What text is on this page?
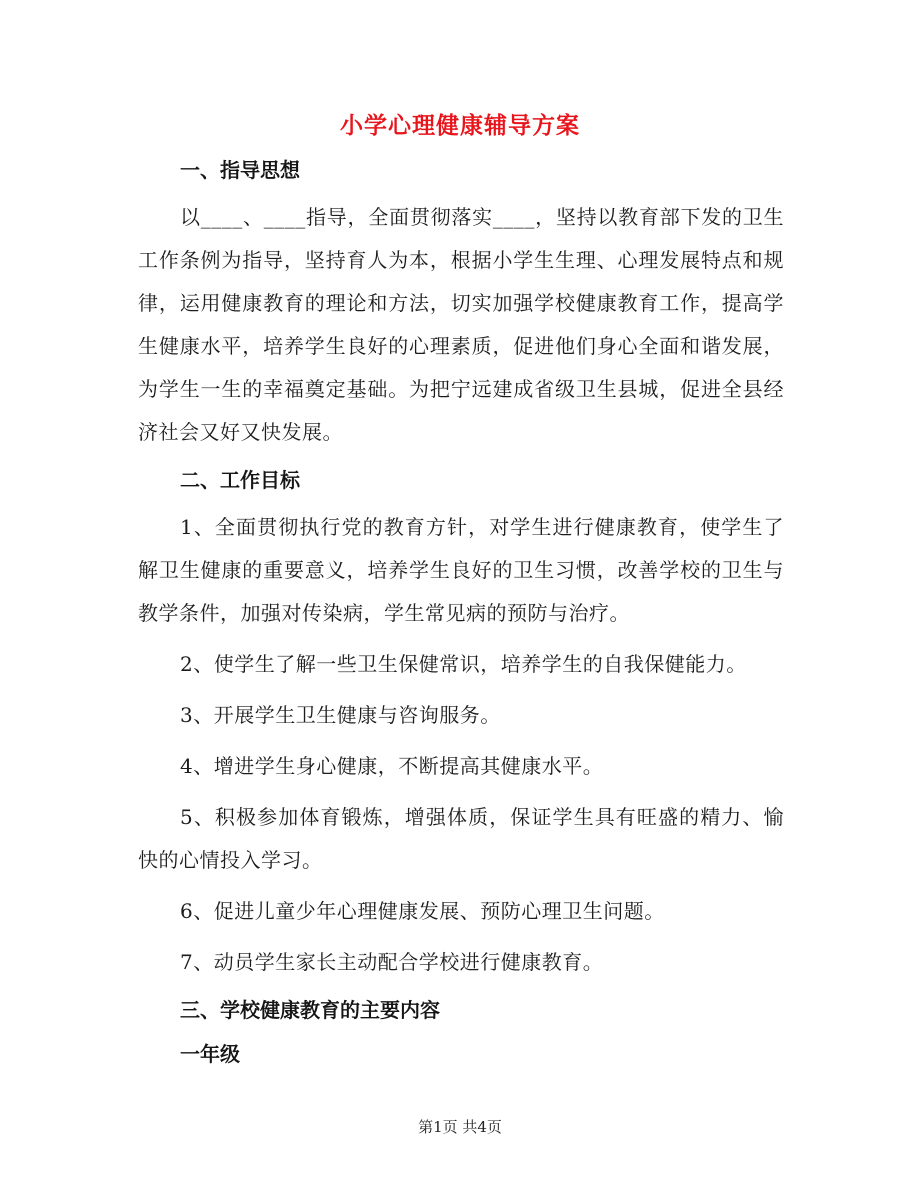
小学心理健康辅导方案
一、指导思想

以____、____指导，全面贯彻落实____，坚持以教育部下发的卫生工作条例为指导，坚持育人为本，根据小学生生理、心理发展特点和规律，运用健康教育的理论和方法，切实加强学校健康教育工作，提高学生健康水平，培养学生良好的心理素质，促进他们身心全面和谐发展，为学生一生的幸福奠定基础。为把宁远建成省级卫生县城，促进全县经济社会又好又快发展。

二、工作目标

1、全面贯彻执行党的教育方针，对学生进行健康教育，使学生了解卫生健康的重要意义，培养学生良好的卫生习惯，改善学校的卫生与教学条件，加强对传染病，学生常见病的预防与治疗。

2、使学生了解一些卫生保健常识，培养学生的自我保健能力。

3、开展学生卫生健康与咨询服务。

4、增进学生身心健康，不断提高其健康水平。

5、积极参加体育锻炼，增强体质，保证学生具有旺盛的精力、愉快的心情投入学习。

6、促进儿童少年心理健康发展、预防心理卫生问题。

7、动员学生家长主动配合学校进行健康教育。

三、学校健康教育的主要内容
一年级
第1页 共4页
